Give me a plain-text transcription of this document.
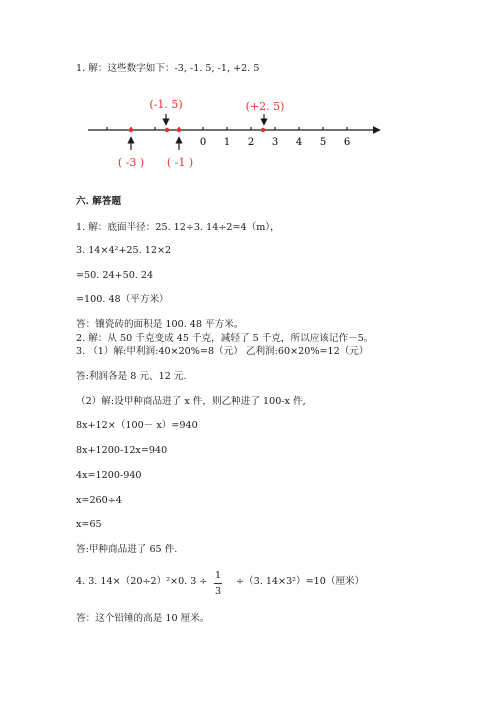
1. 解：这些数字如下：-3, -1. 5, -1, +2. 5
0 1 2 3 4 5 6
(-1. 5)	(+2. 5)
( -3 ) ( -1 )
六. 解答题
1. 解：底面半径：25. 12÷3. 14÷2=4（m），
3. 14×4²+25. 12×2
=50. 24+50. 24
=100. 48（平方米）
答：镶瓷砖的面积是 100. 48 平方米。
2. 解：从 50 千克变成 45 千克，减轻了 5 千克，所以应该记作－5。
3. （1）解:甲利润:40×20%=8（元） 乙利润:60×20%=12（元）
答:利润各是 8 元、12 元.
（2）解:设甲种商品进了 x 件，则乙种进了 100-x 件,
8x+12×（100－ x）=940
8x+1200-12x=940
4x=1200-940
x=260÷4
x=65
答:甲种商品进了 65 件.
4. 3. 14×（20÷2）²×0. 3 ÷
1
3
÷（3. 14×3²）=10（厘米）
答：这个铅锤的高是 10 厘米。
